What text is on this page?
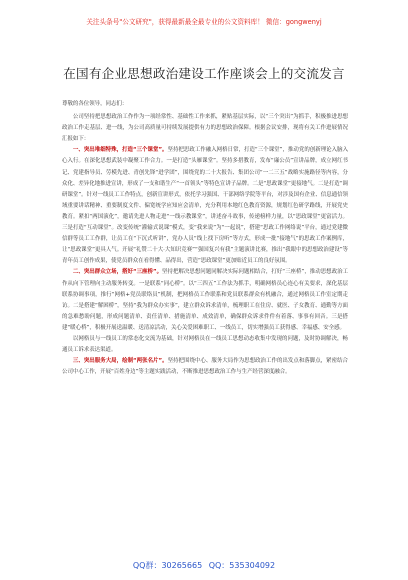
关注头条号"公文研究"，获得最新最全最专业的公文资料库！ 微信：gongwenyj
在国有企业思想政治建设工作座谈会上的交流发言

尊敬的各位领导，同志们：

公司坚持把思想政治工作作为一项经常性、基础性工作来抓，紧贴基层实际，以“三个突出”为抓手，积极推进思想政治工作走基层、进一线，为公司高质量可持续发展提供有力的思想政治保障。根据会议安排，现将有关工作进展情况汇报如下：

一、突出堆细特殊，打造“三个课堂”。坚持把思政工作融入网格日常，打造“三个课堂”，推动党的创新理论入脑入心入行。在深化思想武装中凝聚工作合力。一是打造“头雁课堂”。坚持多措教育，发布“廉公员”宣讲品牌，成立网红书记、党建指导员、劳模先进、青创先锋“进学团”，围绕党的二十大报告、集团公司“一二三五”战略实施路径等内容，分众化、差异化地推进宣讲，形成了一支和谐生产“一首领头”等特色宣讲子品牌。二是“思政课堂”更接地气。二是打造“调研课堂”。针对一线员工工作特点，创新宣讲形式，依托学习强国、干部网络学院等平台，对涉及国有企业、信息通信领域重要讲话精神、重要制度文件、偏宽统学应知应会清单，充分利用本地红色教育资源，规划红色研学路线，开展党史教育。紧扣“两国演化”，邀请先进人物走进“一线示教课堂”，讲述奋斗故事，传递榜样力量，以“思政课堂”更富活力。三是打造“互动课堂”。改变传统“灌输式说课”模式，变“我来说”为“一起说”，搭建“思政工作网络说”平台，通过党建微信群等员工工作群，让员工在“下沉式听讲”，党办人员“线上找下房听”等方式，形成一批“接地气”的思政工作案例库，让“思政课堂”更具人气。开展“礼赞二十大·大知识竞赛”“强国复兴有我”主题演讲比赛，推出“我眼中的思想政治建设”等青年员工创作成果，使党员群众在看得懂、品得出，营造“思政课堂”更加贴近员工的良好氛围。

二、突出群众立场，搭好“三座桥”。坚持把解决思想问题同解决实际问题相结合，打好“三座桥”，推动思想政治工作从向下管理向主动服务转变。一是联系“同心桥”。以“三四五”工作法为抓手，明确网格员心连心有关要求，深化基层联系协调事项，推行“网格+党员联络员”机制，把网格员工作联系和党员联系群众有机融合，通过网格员工作室定期走访。二是搭建“解困桥”，坚持“我为群众办实事”，建立群众诉求清单，梳理职工在住房、就医、子女教育、通勤等方面的急难愁盼问题，形成问题清单、责任清单、措施清单、成效清单，确保群众诉求件件有着落、事事有回音。三是搭建“暖心桥”，积极开展送温暖、送清凉活动，关心关爱困难职工、一线员工，切实增强员工获得感、幸福感、安全感。

以网格员与一线员工的常态化交流为基础，针对网格员在一线员工思想动态收集中发现的问题，及时协调解决，畅通员工诉求表达渠道。

三、突出服务大局，绘制“两张名片”。坚持把围绕中心、服务大局作为思想政治工作的出发点和落脚点，紧密结合公司中心工作，开展“百姓身边”等主题实践活动，不断推进思想政治工作与生产经营深度融合。

QQ群：30265665 QQ：535304092
